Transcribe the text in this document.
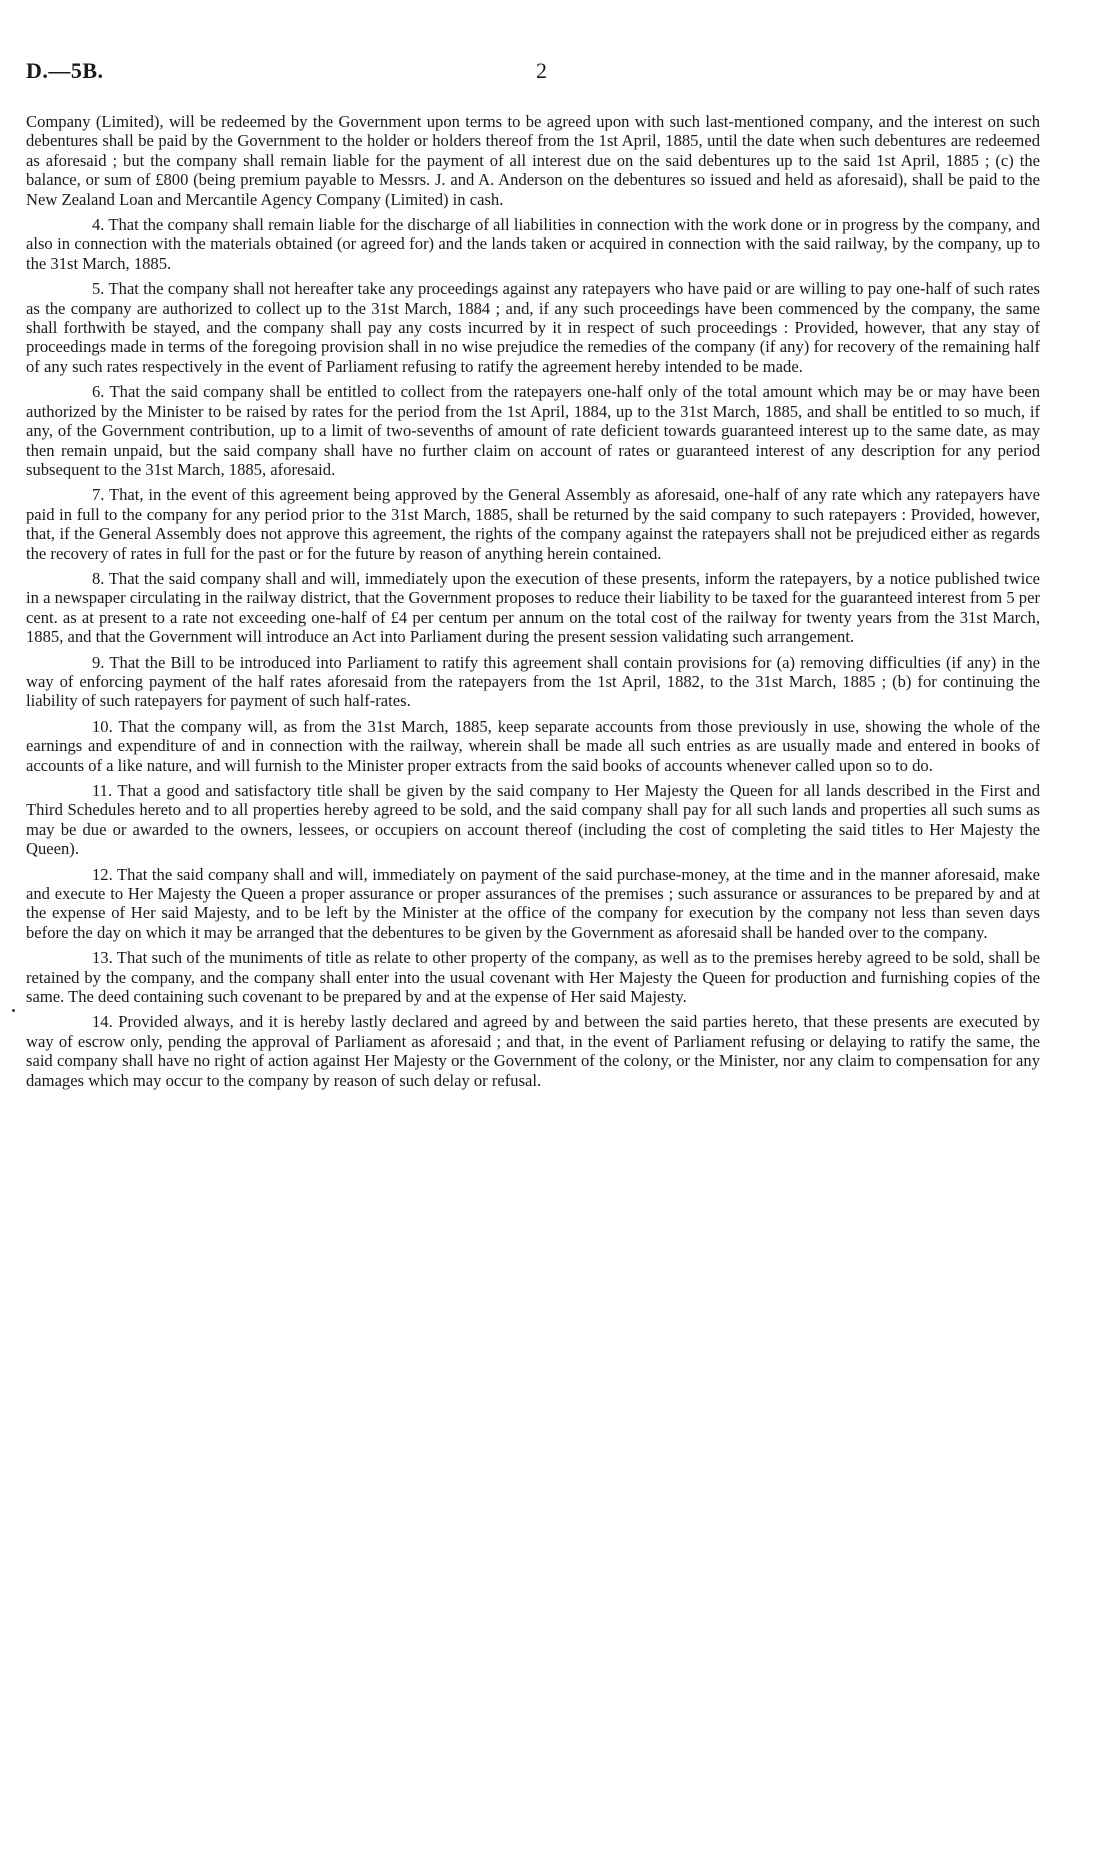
D.—5B.	2

Company (Limited), will be redeemed by the Government upon terms to be agreed upon with such last-mentioned company, and the interest on such debentures shall be paid by the Government to the holder or holders thereof from the 1st April, 1885, until the date when such debentures are redeemed as aforesaid ; but the company shall remain liable for the payment of all interest due on the said debentures up to the said 1st April, 1885 ; (c) the balance, or sum of £800 (being premium payable to Messrs. J. and A. Anderson on the debentures so issued and held as aforesaid), shall be paid to the New Zealand Loan and Mercantile Agency Company (Limited) in cash.

4. That the company shall remain liable for the discharge of all liabilities in connection with the work done or in progress by the company, and also in connection with the materials obtained (or agreed for) and the lands taken or acquired in connection with the said railway, by the company, up to the 31st March, 1885.

5. That the company shall not hereafter take any proceedings against any ratepayers who have paid or are willing to pay one-half of such rates as the company are authorized to collect up to the 31st March, 1884 ; and, if any such proceedings have been commenced by the company, the same shall forthwith be stayed, and the company shall pay any costs incurred by it in respect of such proceedings : Provided, however, that any stay of proceedings made in terms of the foregoing provision shall in no wise prejudice the remedies of the company (if any) for recovery of the remaining half of any such rates respectively in the event of Parliament refusing to ratify the agreement hereby intended to be made.

6. That the said company shall be entitled to collect from the ratepayers one-half only of the total amount which may be or may have been authorized by the Minister to be raised by rates for the period from the 1st April, 1884, up to the 31st March, 1885, and shall be entitled to so much, if any, of the Government contribution, up to a limit of two-sevenths of amount of rate deficient towards guaranteed interest up to the same date, as may then remain unpaid, but the said company shall have no further claim on account of rates or guaranteed interest of any description for any period subsequent to the 31st March, 1885, aforesaid.

7. That, in the event of this agreement being approved by the General Assembly as aforesaid, one-half of any rate which any ratepayers have paid in full to the company for any period prior to the 31st March, 1885, shall be returned by the said company to such ratepayers : Provided, however, that, if the General Assembly does not approve this agreement, the rights of the company against the ratepayers shall not be prejudiced either as regards the recovery of rates in full for the past or for the future by reason of anything herein contained.

8. That the said company shall and will, immediately upon the execution of these presents, inform the ratepayers, by a notice published twice in a newspaper circulating in the railway district, that the Government proposes to reduce their liability to be taxed for the guaranteed interest from 5 per cent. as at present to a rate not exceeding one-half of £4 per centum per annum on the total cost of the railway for twenty years from the 31st March, 1885, and that the Government will introduce an Act into Parliament during the present session validating such arrangement.

9. That the Bill to be introduced into Parliament to ratify this agreement shall contain provisions for (a) removing difficulties (if any) in the way of enforcing payment of the half rates aforesaid from the ratepayers from the 1st April, 1882, to the 31st March, 1885 ; (b) for continuing the liability of such ratepayers for payment of such half-rates.

10. That the company will, as from the 31st March, 1885, keep separate accounts from those previously in use, showing the whole of the earnings and expenditure of and in connection with the railway, wherein shall be made all such entries as are usually made and entered in books of accounts of a like nature, and will furnish to the Minister proper extracts from the said books of accounts whenever called upon so to do.

11. That a good and satisfactory title shall be given by the said company to Her Majesty the Queen for all lands described in the First and Third Schedules hereto and to all properties hereby agreed to be sold, and the said company shall pay for all such lands and properties all such sums as may be due or awarded to the owners, lessees, or occupiers on account thereof (including the cost of completing the said titles to Her Majesty the Queen).

12. That the said company shall and will, immediately on payment of the said purchase-money, at the time and in the manner aforesaid, make and execute to Her Majesty the Queen a proper assurance or proper assurances of the premises ; such assurance or assurances to be prepared by and at the expense of Her said Majesty, and to be left by the Minister at the office of the company for execution by the company not less than seven days before the day on which it may be arranged that the debentures to be given by the Government as aforesaid shall be handed over to the company.

13. That such of the muniments of title as relate to other property of the company, as well as to the premises hereby agreed to be sold, shall be retained by the company, and the company shall enter into the usual covenant with Her Majesty the Queen for production and furnishing copies of the same. The deed containing such covenant to be prepared by and at the expense of Her said Majesty.

14. Provided always, and it is hereby lastly declared and agreed by and between the said parties hereto, that these presents are executed by way of escrow only, pending the approval of Parliament as aforesaid ; and that, in the event of Parliament refusing or delaying to ratify the same, the said company shall have no right of action against Her Majesty or the Government of the colony, or the Minister, nor any claim to compensation for any damages which may occur to the company by reason of such delay or refusal.
